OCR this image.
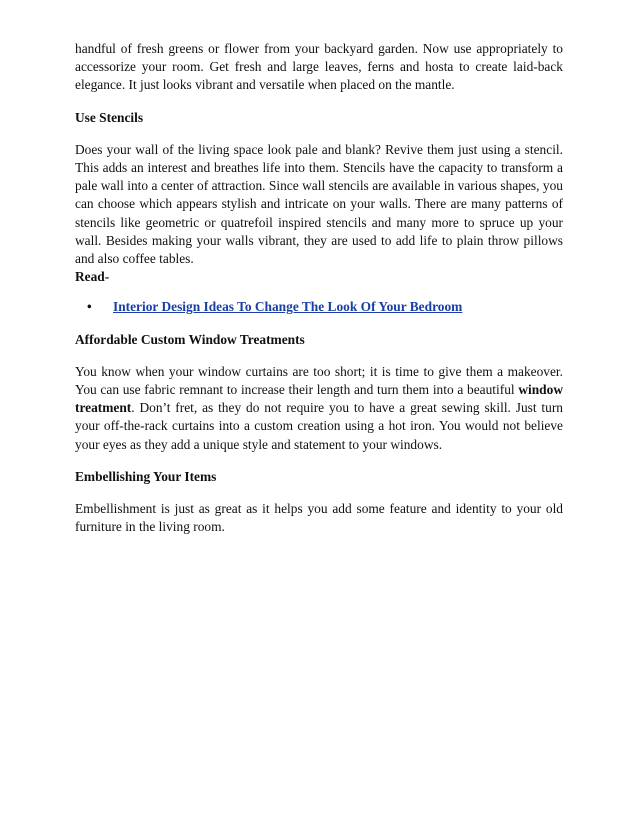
handful of fresh greens or flower from your backyard garden. Now use appropriately to accessorize your room. Get fresh and large leaves, ferns and hosta to create laid-back elegance. It just looks vibrant and versatile when placed on the mantle.

Use Stencils

Does your wall of the living space look pale and blank? Revive them just using a stencil. This adds an interest and breathes life into them. Stencils have the capacity to transform a pale wall into a center of attraction. Since wall stencils are available in various shapes, you can choose which appears stylish and intricate on your walls. There are many patterns of stencils like geometric or quatrefoil inspired stencils and many more to spruce up your wall. Besides making your walls vibrant, they are used to add life to plain throw pillows and also coffee tables.

Read-
• Interior Design Ideas To Change The Look Of Your Bedroom
Affordable Custom Window Treatments

You know when your window curtains are too short; it is time to give them a makeover. You can use fabric remnant to increase their length and turn them into a beautiful window treatment. Don’t fret, as they do not require you to have a great sewing skill. Just turn your off-the-rack curtains into a custom creation using a hot iron. You would not believe your eyes as they add a unique style and statement to your windows.

Embellishing Your Items

Embellishment is just as great as it helps you add some feature and identity to your old furniture in the living room.
